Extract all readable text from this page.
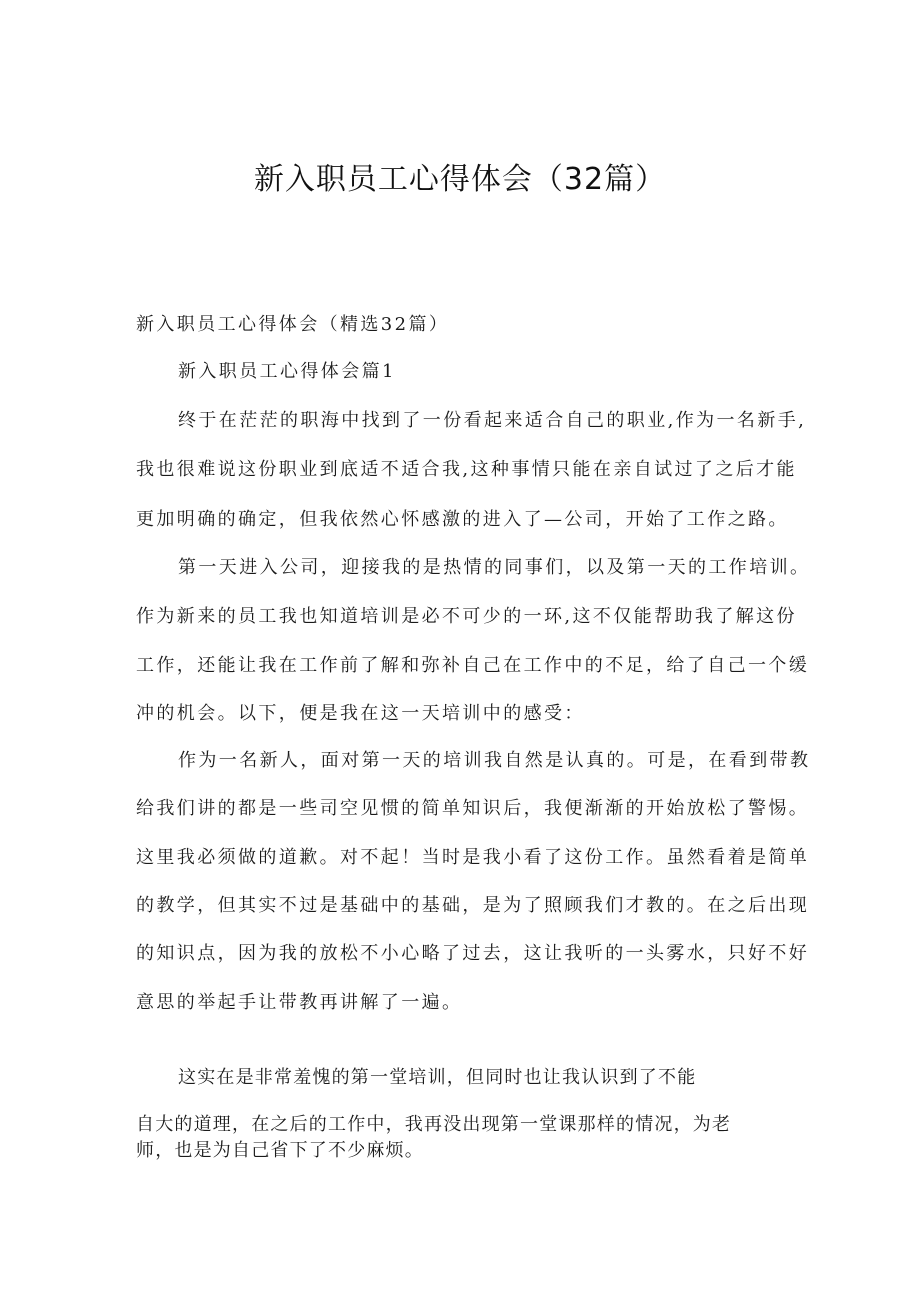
新入职员工心得体会（32篇）
新入职员工心得体会（精选32篇）
新入职员工心得体会篇1
终于在茫茫的职海中找到了一份看起来适合自己的职业,作为一名新手,
我也很难说这份职业到底适不适合我,这种事情只能在亲自试过了之后才能
更加明确的确定，但我依然心怀感激的进入了—公司，开始了工作之路。
第一天进入公司，迎接我的是热情的同事们，以及第一天的工作培训。
作为新来的员工我也知道培训是必不可少的一环,这不仅能帮助我了解这份
工作，还能让我在工作前了解和弥补自己在工作中的不足，给了自己一个缓
冲的机会。以下，便是我在这一天培训中的感受：
作为一名新人，面对第一天的培训我自然是认真的。可是，在看到带教
给我们讲的都是一些司空见惯的简单知识后，我便渐渐的开始放松了警惕。
这里我必须做的道歉。对不起！当时是我小看了这份工作。虽然看着是简单
的教学，但其实不过是基础中的基础，是为了照顾我们才教的。在之后出现
的知识点，因为我的放松不小心略了过去，这让我听的一头雾水，只好不好
意思的举起手让带教再讲解了一遍。
这实在是非常羞愧的第一堂培训，但同时也让我认识到了不能
自大的道理，在之后的工作中，我再没出现第一堂课那样的情况，为老
师，也是为自己省下了不少麻烦。
